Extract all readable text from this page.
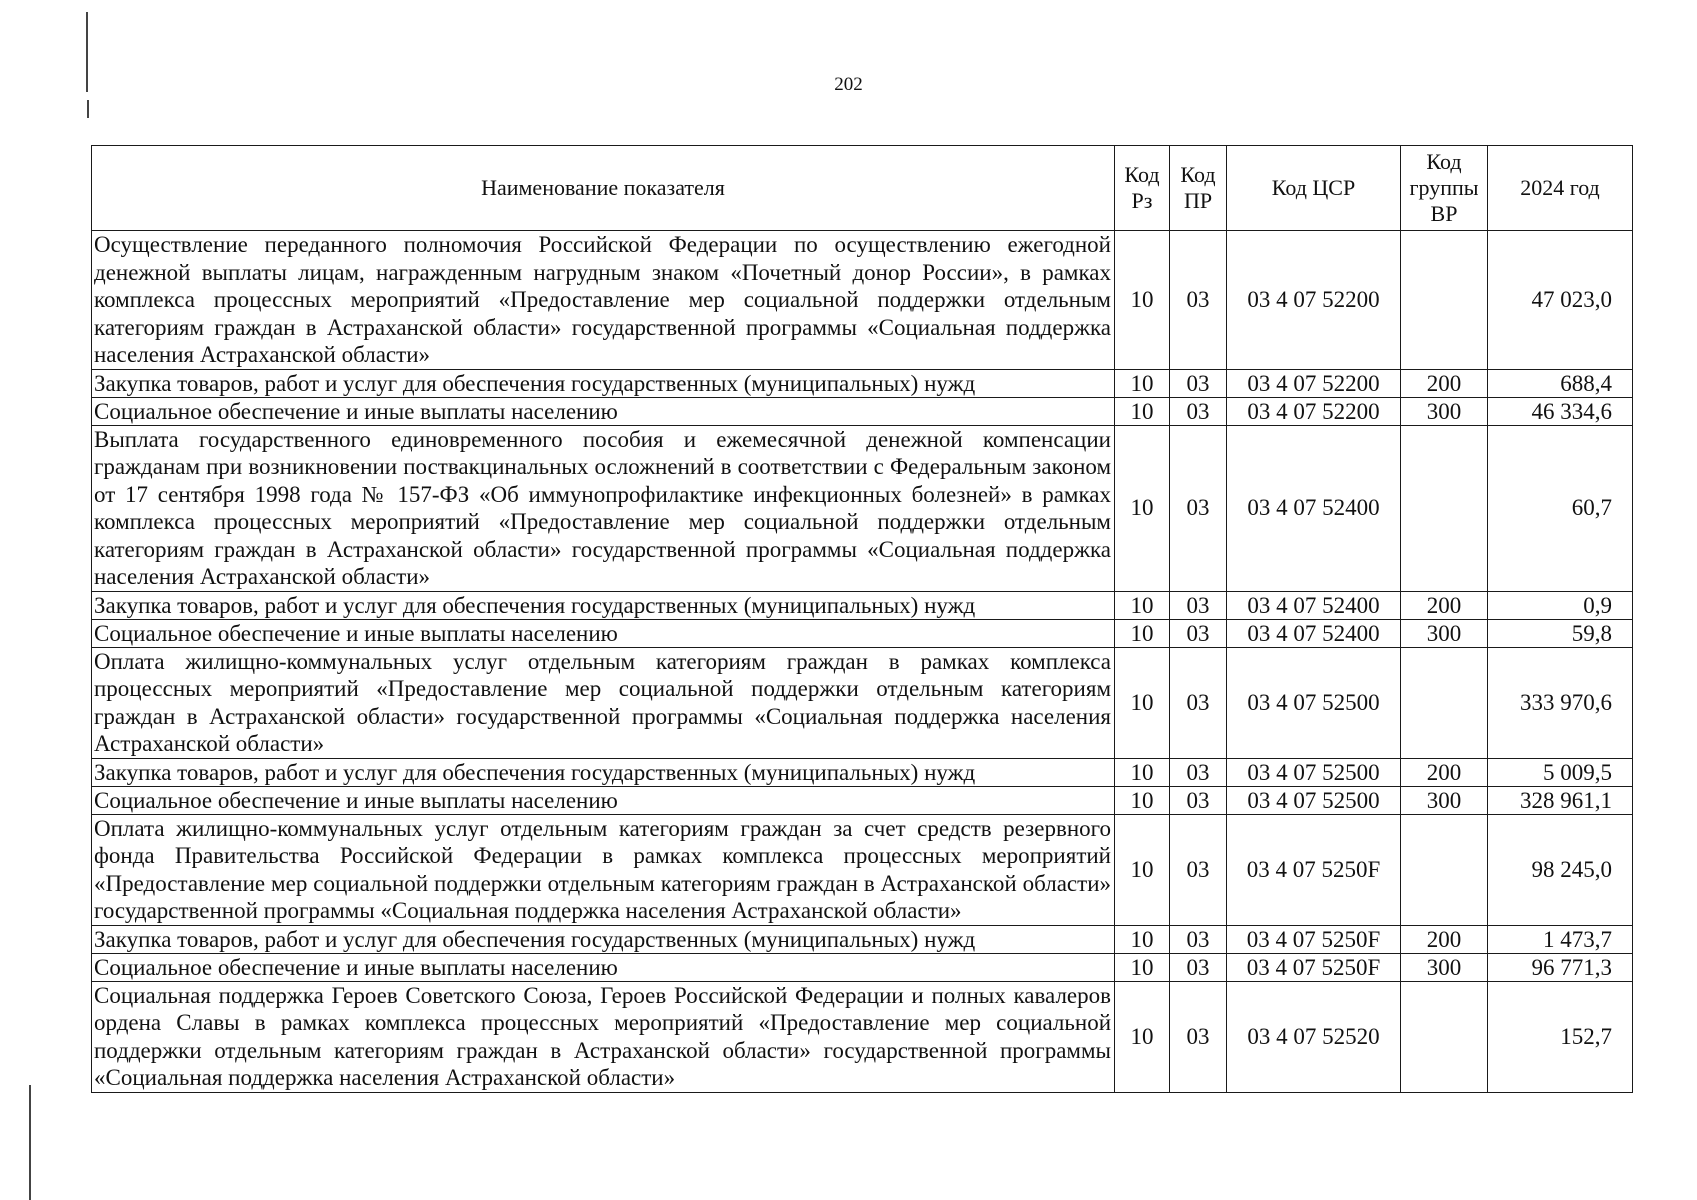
202
Наименование показателя	Код Рз	Код ПР	Код ЦСР	Код группы ВР	2024 год
Осуществление переданного полномочия Российской Федерации по осуществлению ежегодной денежной выплаты лицам, награжденным нагрудным знаком «Почетный донор России», в рамках комплекса процессных мероприятий «Предоставление мер социальной поддержки отдельным категориям граждан в Астраханской области» государственной программы «Социальная поддержка населения Астраханской области»	10	03	03 4 07 52200		47 023,0
Закупка товаров, работ и услуг для обеспечения государственных (муниципальных) нужд	10	03	03 4 07 52200	200	688,4
Социальное обеспечение и иные выплаты населению	10	03	03 4 07 52200	300	46 334,6
Выплата государственного единовременного пособия и ежемесячной денежной компенсации гражданам при возникновении поствакцинальных осложнений в соответствии с Федеральным законом от 17 сентября 1998 года № 157-ФЗ «Об иммунопрофилактике инфекционных болезней» в рамках комплекса процессных мероприятий «Предоставление мер социальной поддержки отдельным категориям граждан в Астраханской области» государственной программы «Социальная поддержка населения Астраханской области»	10	03	03 4 07 52400		60,7
Закупка товаров, работ и услуг для обеспечения государственных (муниципальных) нужд	10	03	03 4 07 52400	200	0,9
Социальное обеспечение и иные выплаты населению	10	03	03 4 07 52400	300	59,8
Оплата жилищно-коммунальных услуг отдельным категориям граждан в рамках комплекса процессных мероприятий «Предоставление мер социальной поддержки отдельным категориям граждан в Астраханской области» государственной программы «Социальная поддержка населения Астраханской области»	10	03	03 4 07 52500		333 970,6
Закупка товаров, работ и услуг для обеспечения государственных (муниципальных) нужд	10	03	03 4 07 52500	200	5 009,5
Социальное обеспечение и иные выплаты населению	10	03	03 4 07 52500	300	328 961,1
Оплата жилищно-коммунальных услуг отдельным категориям граждан за счет средств резервного фонда Правительства Российской Федерации в рамках комплекса процессных мероприятий «Предоставление мер социальной поддержки отдельным категориям граждан в Астраханской области» государственной программы «Социальная поддержка населения Астраханской области»	10	03	03 4 07 5250F		98 245,0
Закупка товаров, работ и услуг для обеспечения государственных (муниципальных) нужд	10	03	03 4 07 5250F	200	1 473,7
Социальное обеспечение и иные выплаты населению	10	03	03 4 07 5250F	300	96 771,3
Социальная поддержка Героев Советского Союза, Героев Российской Федерации и полных кавалеров ордена Славы в рамках комплекса процессных мероприятий «Предоставление мер социальной поддержки отдельным категориям граждан в Астраханской области» государственной программы «Социальная поддержка населения Астраханской области»	10	03	03 4 07 52520		152,7
